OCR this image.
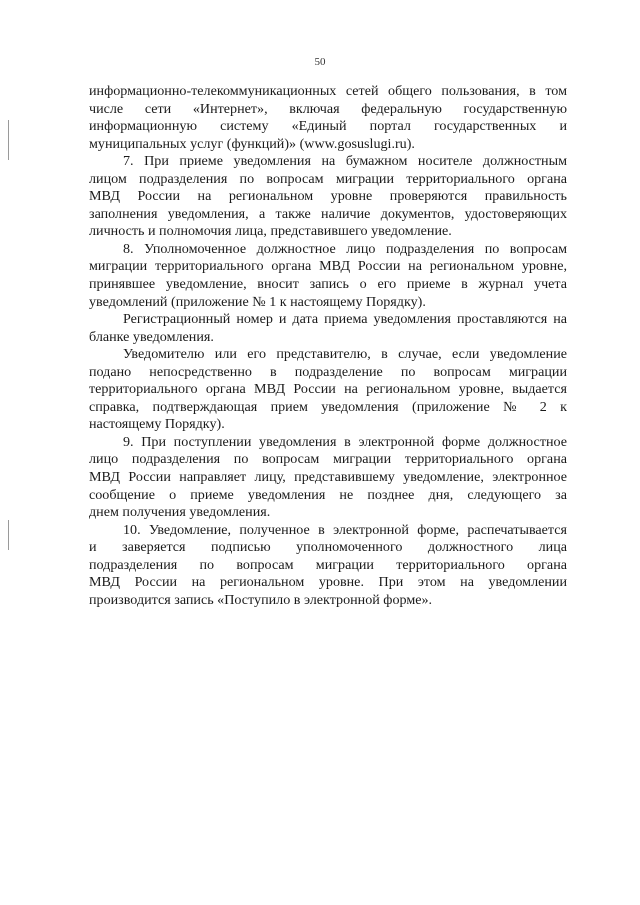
50
информационно-телекоммуникационных сетей общего пользования, в том
числе сети «Интернет», включая федеральную государственную
информационную систему «Единый портал государственных и
муниципальных услуг (функций)» (www.gosuslugi.ru).
7. При приеме уведомления на бумажном носителе должностным
лицом подразделения по вопросам миграции территориального органа
МВД России на региональном уровне проверяются правильность
заполнения уведомления, а также наличие документов, удостоверяющих
личность и полномочия лица, представившего уведомление.
8. Уполномоченное должностное лицо подразделения по вопросам
миграции территориального органа МВД России на региональном уровне,
принявшее уведомление, вносит запись о его приеме в журнал учета
уведомлений (приложение № 1 к настоящему Порядку).
Регистрационный номер и дата приема уведомления проставляются на
бланке уведомления.
Уведомителю или его представителю, в случае, если уведомление
подано непосредственно в подразделение по вопросам миграции
территориального органа МВД России на региональном уровне, выдается
справка, подтверждающая прием уведомления (приложение № 2 к
настоящему Порядку).
9. При поступлении уведомления в электронной форме должностное
лицо подразделения по вопросам миграции территориального органа
МВД России направляет лицу, представившему уведомление, электронное
сообщение о приеме уведомления не позднее дня, следующего за
днем получения уведомления.
10. Уведомление, полученное в электронной форме, распечатывается
и заверяется подписью уполномоченного должностного лица
подразделения по вопросам миграции территориального органа
МВД России на региональном уровне. При этом на уведомлении
производится запись «Поступило в электронной форме».
